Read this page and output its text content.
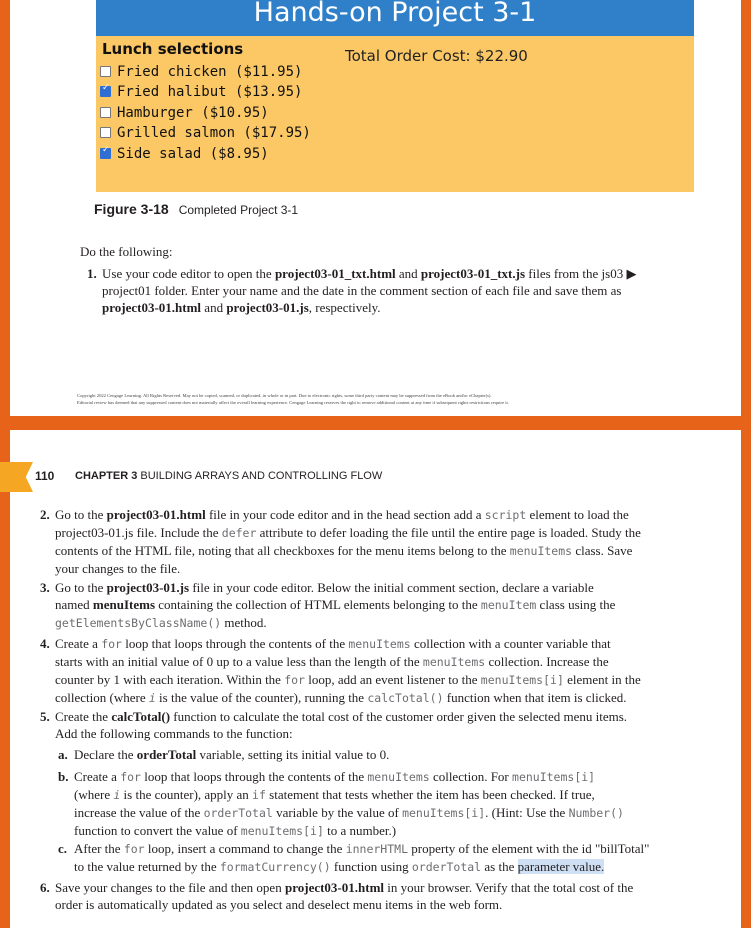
Hands-on Project 3-1
Lunch selections	Total Order Cost: $22.90
Fried chicken ($11.95)
✓Fried halibut ($13.95)
Hamburger ($10.95)
Grilled salmon ($17.95)
✓Side salad ($8.95)
Figure 3-18 Completed Project 3-1
Do the following:
1. Use your code editor to open the project03-01_txt.html and project03-01_txt.js files from the js03 ▶
project01 folder. Enter your name and the date in the comment section of each file and save them as
project03-01.html and project03-01.js, respectively.
Copyright 2022 Cengage Learning. All Rights Reserved. May not be copied, scanned, or duplicated, in whole or in part. Due to electronic rights, some third party content may be suppressed from the eBook and/or eChapter(s).
Editorial review has deemed that any suppressed content does not materially affect the overall learning experience. Cengage Learning reserves the right to remove additional content at any time if subsequent rights restrictions require it.
110 CHAPTER 3 BUILDING ARRAYS AND CONTROLLING FLOW
2. Go to the project03-01.html file in your code editor and in the head section add a script element to load the
project03-01.js file. Include the defer attribute to defer loading the file until the entire page is loaded. Study the
contents of the HTML file, noting that all checkboxes for the menu items belong to the menuItems class. Save
your changes to the file.
3. Go to the project03-01.js file in your code editor. Below the initial comment section, declare a variable
named menuItems containing the collection of HTML elements belonging to the menuItem class using the
getElementsByClassName() method.
4. Create a for loop that loops through the contents of the menuItems collection with a counter variable that
starts with an initial value of 0 up to a value less than the length of the menuItems collection. Increase the
counter by 1 with each iteration. Within the for loop, add an event listener to the menuItems[i] element in the
collection (where i is the value of the counter), running the calcTotal() function when that item is clicked.
5. Create the calcTotal() function to calculate the total cost of the customer order given the selected menu items.
Add the following commands to the function:
a. Declare the orderTotal variable, setting its initial value to 0.
b. Create a for loop that loops through the contents of the menuItems collection. For menuItems[i]
(where i is the counter), apply an if statement that tests whether the item has been checked. If true,
increase the value of the orderTotal variable by the value of menuItems[i]. (Hint: Use the Number()
function to convert the value of menuItems[i] to a number.)
c. After the for loop, insert a command to change the innerHTML property of the element with the id "billTotal"
to the value returned by the formatCurrency() function using orderTotal as the parameter value.
6. Save your changes to the file and then open project03-01.html in your browser. Verify that the total cost of the
order is automatically updated as you select and deselect menu items in the web form.
